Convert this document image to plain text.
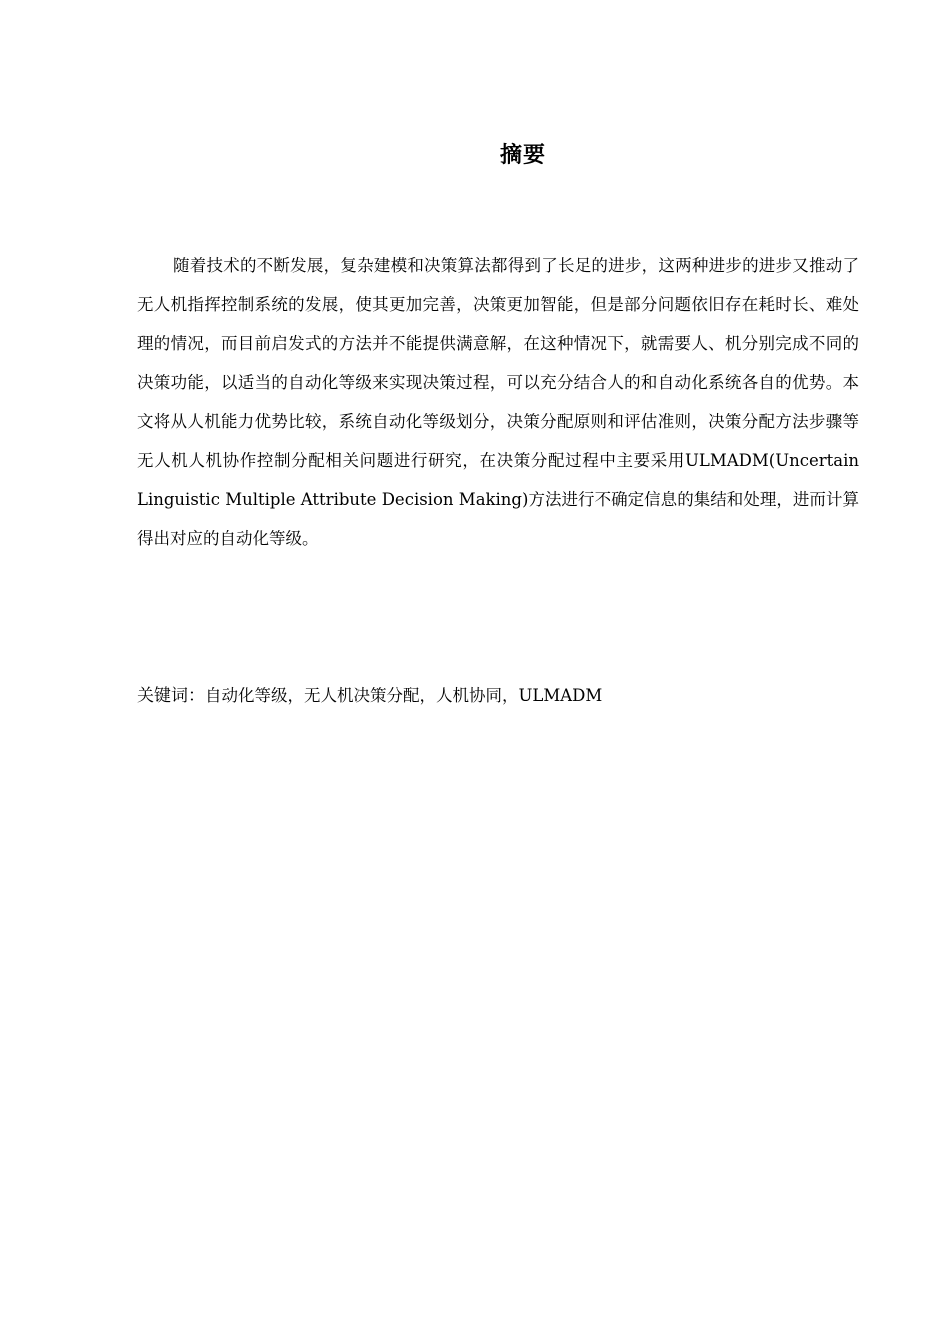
摘要

随着技术的不断发展，复杂建模和决策算法都得到了长足的进步，这两种进步的进步又推动了无人机指挥控制系统的发展，使其更加完善，决策更加智能，但是部分问题依旧存在耗时长、难处理的情况，而目前启发式的方法并不能提供满意解，在这种情况下，就需要人、机分别完成不同的决策功能，以适当的自动化等级来实现决策过程，可以充分结合人的和自动化系统各自的优势。本文将从人机能力优势比较，系统自动化等级划分，决策分配原则和评估准则，决策分配方法步骤等无人机人机协作控制分配相关问题进行研究，在决策分配过程中主要采用ULMADM(Uncertain Linguistic Multiple Attribute Decision Making)方法进行不确定信息的集结和处理，进而计算得出对应的自动化等级。

关键词：自动化等级，无人机决策分配，人机协同，ULMADM
